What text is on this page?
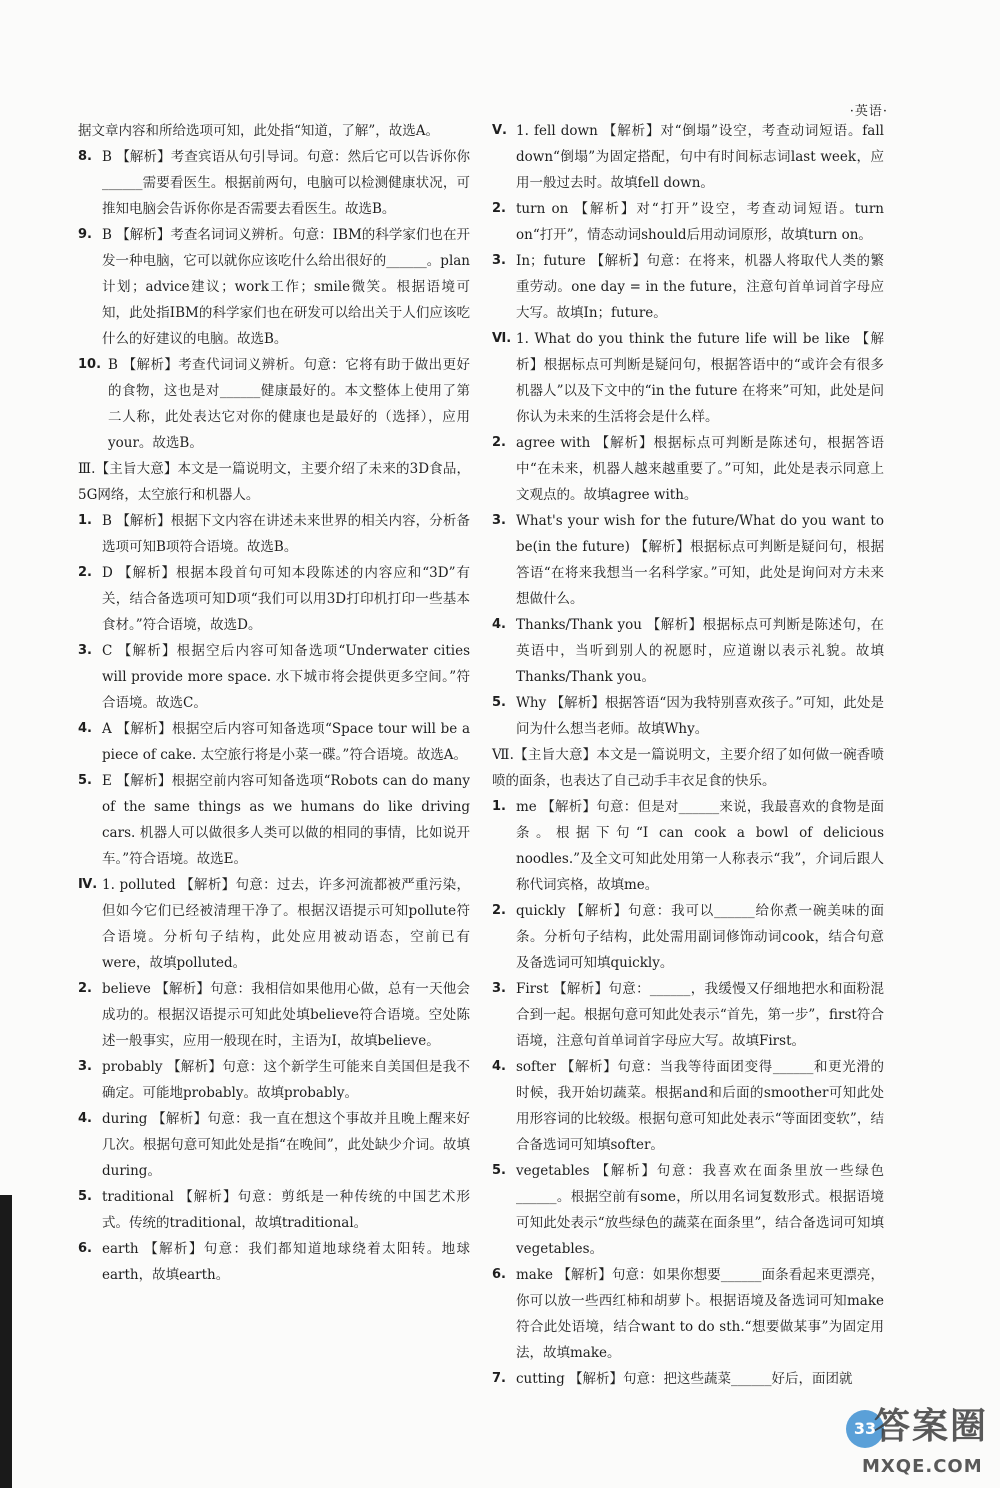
·英语·
据文章内容和所给选项可知，此处指“知道，了解”，故选A。
8. B 【解析】考查宾语从句引导词。句意：然后它可以告诉你你______需要看医生。根据前两句，电脑可以检测健康状况，可推知电脑会告诉你你是否需要去看医生。故选B。
9. B 【解析】考查名词词义辨析。句意：IBM的科学家们也在开发一种电脑，它可以就你应该吃什么给出很好的______。plan计划；advice建议；work工作；smile微笑。根据语境可知，此处指IBM的科学家们也在研发可以给出关于人们应该吃什么的好建议的电脑。故选B。
10. B 【解析】考查代词词义辨析。句意：它将有助于做出更好的食物，这也是对______健康最好的。本文整体上使用了第二人称，此处表达它对你的健康也是最好的（选择），应用your。故选B。
Ⅲ.【主旨大意】本文是一篇说明文，主要介绍了未来的3D食品，5G网络，太空旅行和机器人。
1. B 【解析】根据下文内容在讲述未来世界的相关内容，分析备选项可知B项符合语境。故选B。
2. D 【解析】根据本段首句可知本段陈述的内容应和“3D”有关，结合备选项可知D项“我们可以用3D打印机打印一些基本食材。”符合语境，故选D。
3. C 【解析】根据空后内容可知备选项“Underwater cities will provide more space. 水下城市将会提供更多空间。”符合语境。故选C。
4. A 【解析】根据空后内容可知备选项“Space tour will be a piece of cake. 太空旅行将是小菜一碟。”符合语境。故选A。
5. E 【解析】根据空前内容可知备选项“Robots can do many of the same things as we humans do like driving cars. 机器人可以做很多人类可以做的相同的事情，比如说开车。”符合语境。故选E。
Ⅳ. 1. polluted 【解析】句意：过去，许多河流都被严重污染，但如今它们已经被清理干净了。根据汉语提示可知pollute符合语境。分析句子结构，此处应用被动语态，空前已有were，故填polluted。
2. believe 【解析】句意：我相信如果他用心做，总有一天他会成功的。根据汉语提示可知此处填believe符合语境。空处陈述一般事实，应用一般现在时，主语为I，故填believe。
3. probably 【解析】句意：这个新学生可能来自美国但是我不确定。可能地probably。故填probably。
4. during 【解析】句意：我一直在想这个事故并且晚上醒来好几次。根据句意可知此处是指“在晚间”，此处缺少介词。故填during。
5. traditional 【解析】句意：剪纸是一种传统的中国艺术形式。传统的traditional，故填traditional。
6. earth 【解析】句意：我们都知道地球绕着太阳转。地球earth，故填earth。
Ⅴ. 1. fell down 【解析】对“倒塌”设空，考查动词短语。fall down“倒塌”为固定搭配，句中有时间标志词last week，应用一般过去时。故填fell down。
2. turn on 【解析】对“打开”设空，考查动词短语。turn on“打开”，情态动词should后用动词原形，故填turn on。
3. In；future 【解析】句意：在将来，机器人将取代人类的繁重劳动。one day = in the future，注意句首单词首字母应大写。故填In；future。
Ⅵ. 1. What do you think the future life will be like 【解析】根据标点可判断是疑问句，根据答语中的“或许会有很多机器人”以及下文中的“in the future 在将来”可知，此处是问你认为未来的生活将会是什么样。
2. agree with 【解析】根据标点可判断是陈述句，根据答语中“在未来，机器人越来越重要了。”可知，此处是表示同意上文观点的。故填agree with。
3. What's your wish for the future/What do you want to be(in the future) 【解析】根据标点可判断是疑问句，根据答语“在将来我想当一名科学家。”可知，此处是询问对方未来想做什么。
4. Thanks/Thank you 【解析】根据标点可判断是陈述句，在英语中，当听到别人的祝愿时，应道谢以表示礼貌。故填Thanks/Thank you。
5. Why 【解析】根据答语“因为我特别喜欢孩子。”可知，此处是问为什么想当老师。故填Why。
Ⅶ.【主旨大意】本文是一篇说明文，主要介绍了如何做一碗香喷喷的面条，也表达了自己动手丰衣足食的快乐。
1. me 【解析】句意：但是对______来说，我最喜欢的食物是面条。根据下句“I can cook a bowl of delicious noodles.”及全文可知此处用第一人称表示“我”，介词后跟人称代词宾格，故填me。
2. quickly 【解析】句意：我可以______给你煮一碗美味的面条。分析句子结构，此处需用副词修饰动词cook，结合句意及备选词可知填quickly。
3. First 【解析】句意：______，我缓慢又仔细地把水和面粉混合到一起。根据句意可知此处表示“首先，第一步”，first符合语境，注意句首单词首字母应大写。故填First。
4. softer 【解析】句意：当我等待面团变得______和更光滑的时候，我开始切蔬菜。根据and和后面的smoother可知此处用形容词的比较级。根据句意可知此处表示“等面团变软”，结合备选词可知填softer。
5. vegetables 【解析】句意：我喜欢在面条里放一些绿色______。根据空前有some，所以用名词复数形式。根据语境可知此处表示“放些绿色的蔬菜在面条里”，结合备选词可知填vegetables。
6. make 【解析】句意：如果你想要______面条看起来更漂亮，你可以放一些西红柿和胡萝卜。根据语境及备选词可知make符合此处语境，结合want to do sth.“想要做某事”为固定用法，故填make。
7. cutting 【解析】句意：把这些蔬菜______好后，面团就
33
答案圈
MXQE.COM
